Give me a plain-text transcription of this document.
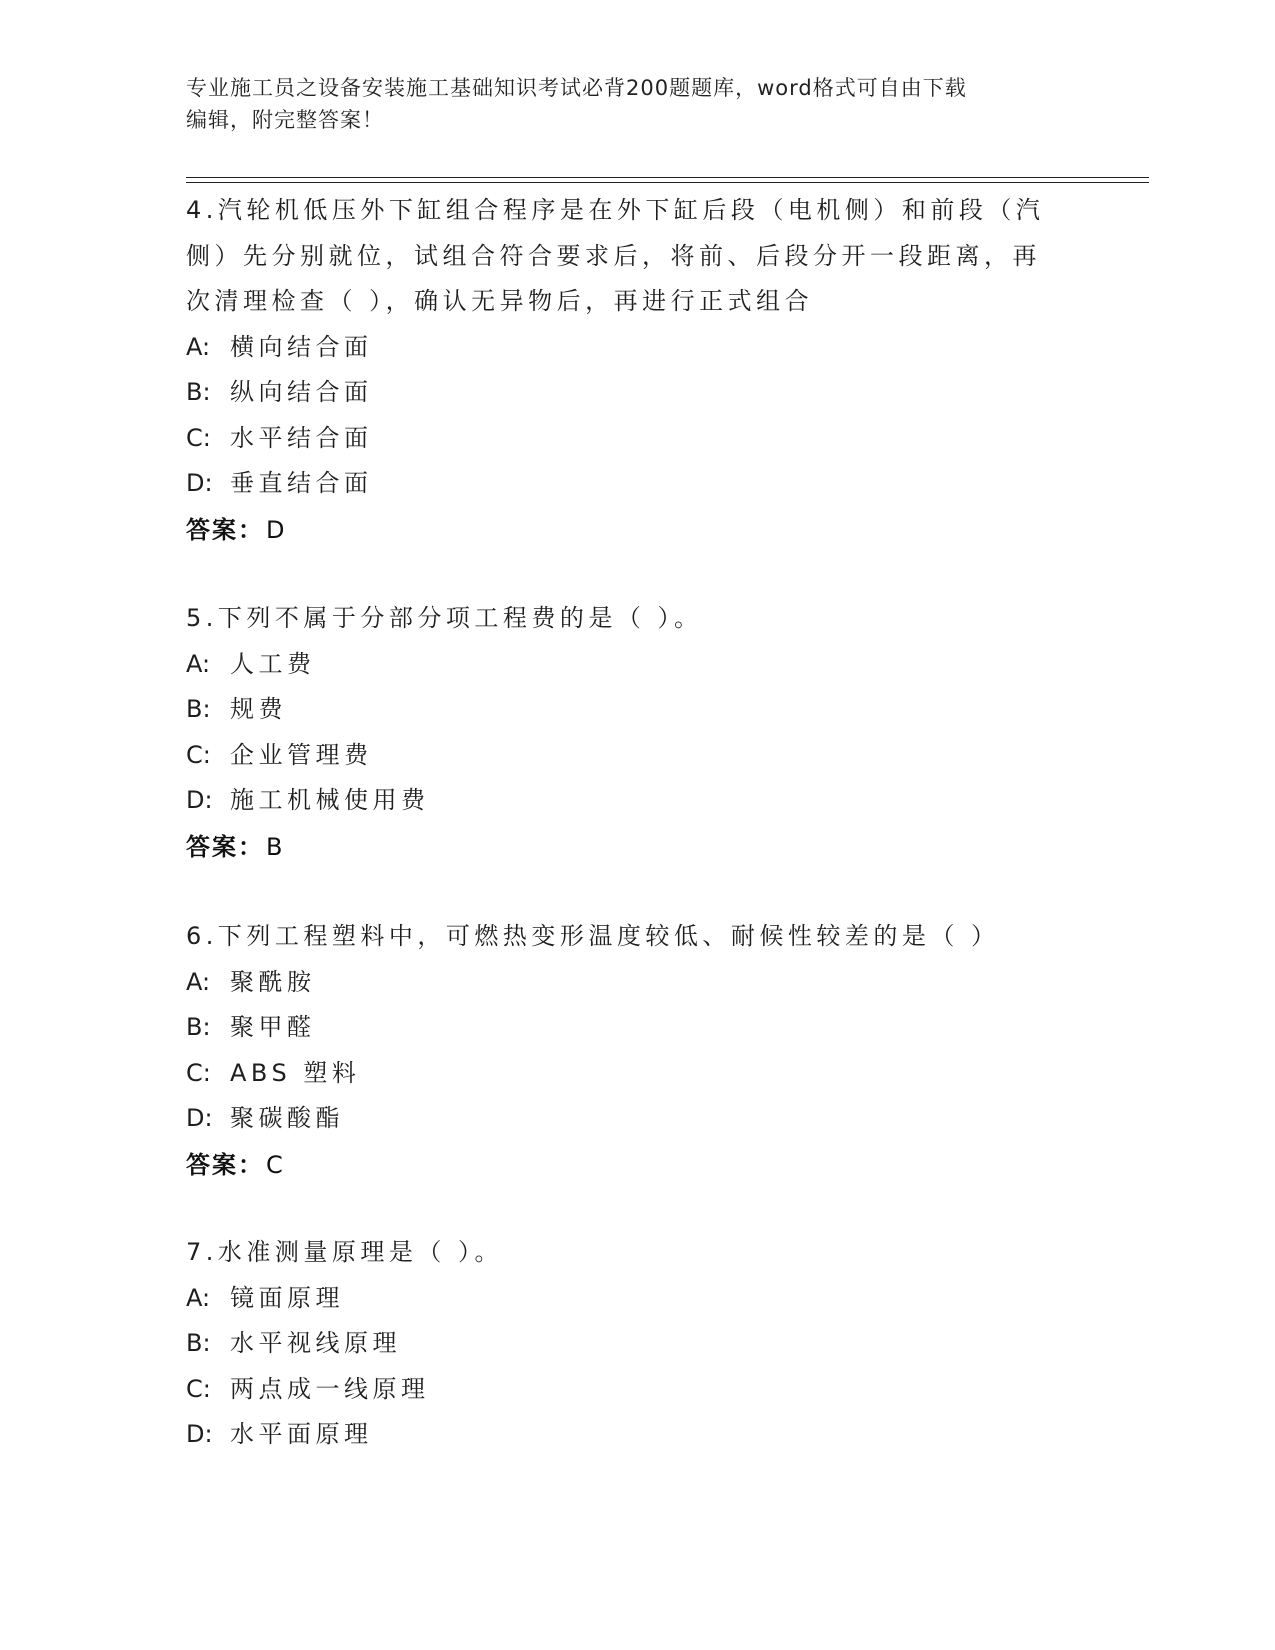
专业施工员之设备安装施工基础知识考试必背200题题库，word格式可自由下载
编辑，附完整答案！

4.汽轮机低压外下缸组合程序是在外下缸后段（电机侧）和前段（汽侧）先分别就位，试组合符合要求后，将前、后段分开一段距离，再次清理检查（ ），确认无异物后，再进行正式组合

A: 横向结合面
B: 纵向结合面
C: 水平结合面
D: 垂直结合面
答案：D

5.下列不属于分部分项工程费的是（ ）。

A: 人工费
B: 规费
C: 企业管理费
D: 施工机械使用费
答案：B

6.下列工程塑料中，可燃热变形温度较低、耐候性较差的是（ ）

A: 聚酰胺
B: 聚甲醛
C: ABS 塑料
D: 聚碳酸酯
答案：C

7.水准测量原理是（ ）。

A: 镜面原理
B: 水平视线原理
C: 两点成一线原理
D: 水平面原理
